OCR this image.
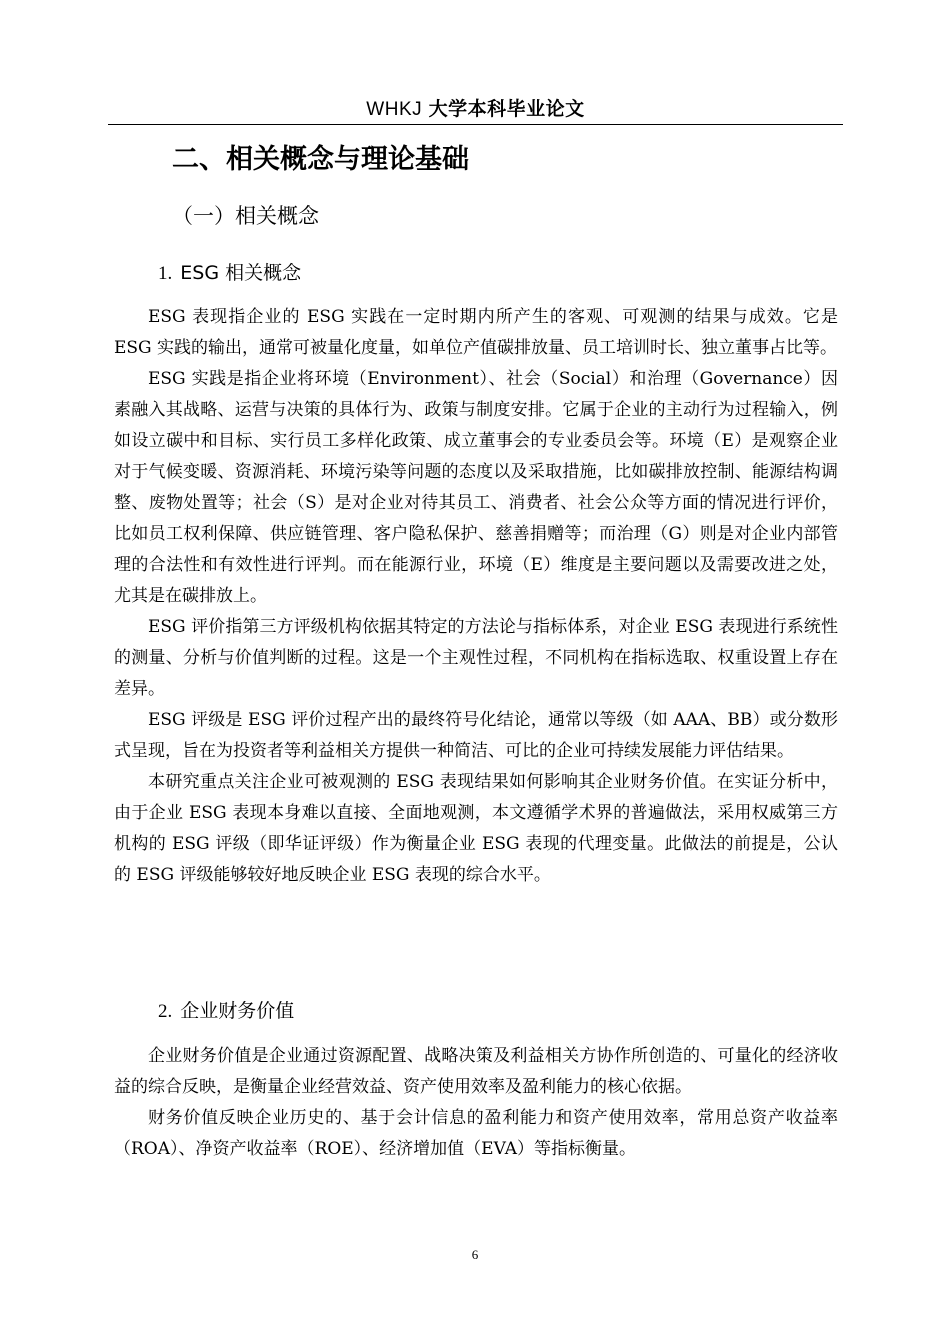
WHKJ 大学本科毕业论文
二、相关概念与理论基础
（一）相关概念
1. ESG 相关概念

ESG 表现指企业的 ESG 实践在一定时期内所产生的客观、可观测的结果与成效。它是 ESG 实践的输出，通常可被量化度量，如单位产值碳排放量、员工培训时长、独立董事占比等。

ESG 实践是指企业将环境（Environment）、社会（Social）和治理（Governance）因素融入其战略、运营与决策的具体行为、政策与制度安排。它属于企业的主动行为过程输入，例如设立碳中和目标、实行员工多样化政策、成立董事会的专业委员会等。环境（E）是观察企业对于气候变暖、资源消耗、环境污染等问题的态度以及采取措施，比如碳排放控制、能源结构调整、废物处置等；社会（S）是对企业对待其员工、消费者、社会公众等方面的情况进行评价，比如员工权利保障、供应链管理、客户隐私保护、慈善捐赠等；而治理（G）则是对企业内部管理的合法性和有效性进行评判。而在能源行业，环境（E）维度是主要问题以及需要改进之处，尤其是在碳排放上。

ESG 评价指第三方评级机构依据其特定的方法论与指标体系，对企业 ESG 表现进行系统性的测量、分析与价值判断的过程。这是一个主观性过程，不同机构在指标选取、权重设置上存在差异。

ESG 评级是 ESG 评价过程产出的最终符号化结论，通常以等级（如 AAA、BB）或分数形式呈现，旨在为投资者等利益相关方提供一种简洁、可比的企业可持续发展能力评估结果。

本研究重点关注企业可被观测的 ESG 表现结果如何影响其企业财务价值。在实证分析中，由于企业 ESG 表现本身难以直接、全面地观测，本文遵循学术界的普遍做法，采用权威第三方机构的 ESG 评级（即华证评级）作为衡量企业 ESG 表现的代理变量。此做法的前提是，公认的 ESG 评级能够较好地反映企业 ESG 表现的综合水平。

2. 企业财务价值

企业财务价值是企业通过资源配置、战略决策及利益相关方协作所创造的、可量化的经济收益的综合反映，是衡量企业经营效益、资产使用效率及盈利能力的核心依据。

财务价值反映企业历史的、基于会计信息的盈利能力和资产使用效率，常用总资产收益率（ROA）、净资产收益率（ROE）、经济增加值（EVA）等指标衡量。

6
